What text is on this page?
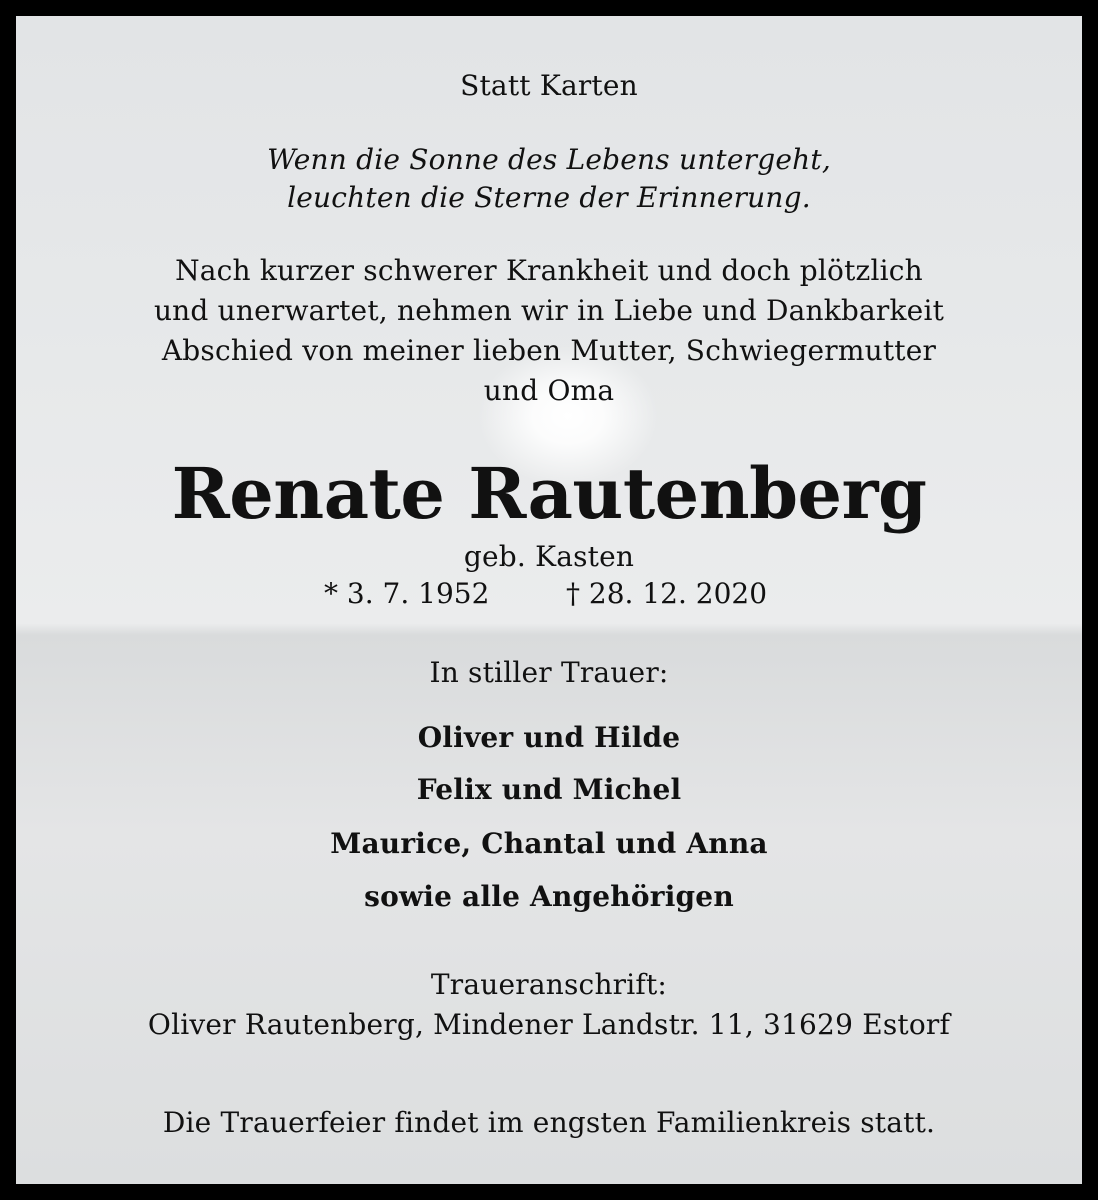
Statt Karten
Wenn die Sonne des Lebens untergeht,
leuchten die Sterne der Erinnerung.
Nach kurzer schwerer Krankheit und doch plötzlich
und unerwartet, nehmen wir in Liebe und Dankbarkeit
Abschied von meiner lieben Mutter, Schwiegermutter
und Oma
Renate Rautenberg
geb. Kasten
* 3. 7. 1952	† 28. 12. 2020
In stiller Trauer:
Oliver und Hilde
Felix und Michel
Maurice, Chantal und Anna
sowie alle Angehörigen
Traueranschrift:
Oliver Rautenberg, Mindener Landstr. 11, 31629 Estorf
Die Trauerfeier findet im engsten Familienkreis statt.
